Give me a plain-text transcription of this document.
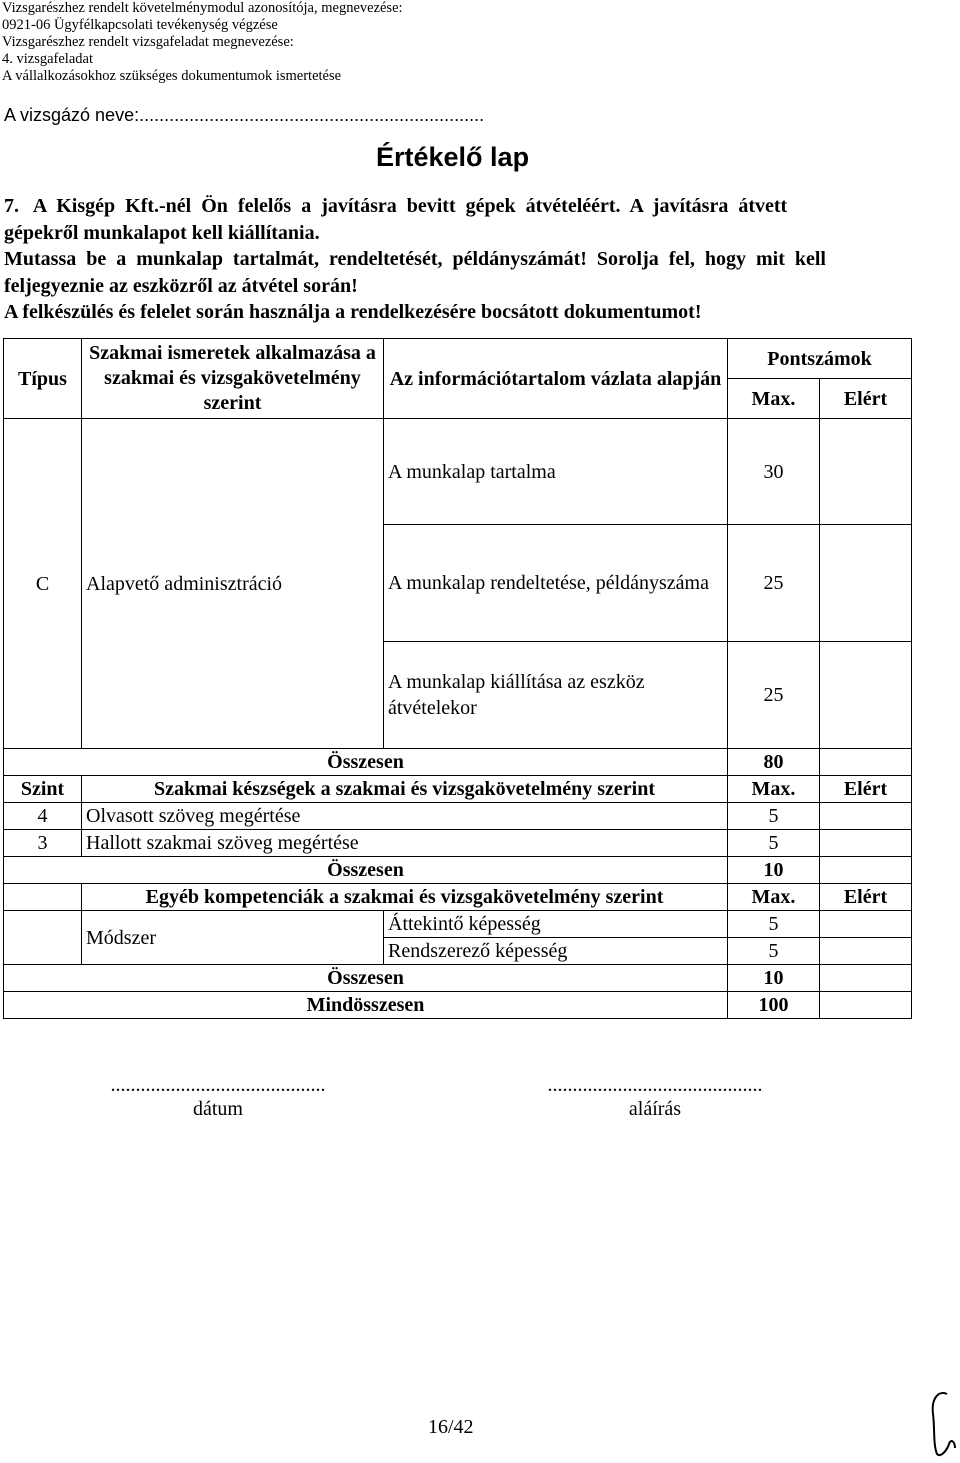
Vizsgarészhez rendelt követelménymodul azonosítója, megnevezése:
0921-06 Ügyfélkapcsolati tevékenység végzése
Vizsgarészhez rendelt vizsgafeladat megnevezése:
4. vizsgafeladat
A vállalkozásokhoz szükséges dokumentumok ismertetése
A vizsgázó neve:.....................................................................
Értékelő lap
7.   A  Kisgép  Kft.-nél  Ön  felelős  a  javításra  bevitt  gépek  átvételéért.  A  javításra  átvett
gépekről munkalapot kell kiállítania.
Mutassa  be  a  munkalap  tartalmát,  rendeltetését,  példányszámát!  Sorolja  fel,  hogy  mit  kell
feljegyeznie az eszközről az átvétel során!
A felkészülés és felelet során használja a rendelkezésére bocsátott dokumentumot!
Típus	Szakmai ismeretek alkalmazása a szakmai és vizsgakövetelmény szerint	Az információtartalom vázlata alapján	Pontszámok	
			Max.	Elért
C	Alapvető adminisztráció	A munkalap tartalma	30	
		A munkalap rendeltetése, példányszáma	25	
		A munkalap kiállítása az eszköz átvételekor	25	
Összesen			80	
Szint	Szakmai készségek a szakmai és vizsgakövetelmény szerint		Max.	Elért
4	Olvasott szöveg megértése		5	
3	Hallott szakmai szöveg megértése		5	
Összesen			10	
	Egyéb kompetenciák a szakmai és vizsgakövetelmény szerint		Max.	Elért
	Módszer	Áttekintő képesség	5	
		Rendszerező képesség	5	
Összesen			10	
Mindösszesen			100	
...........................................
dátum
...........................................
aláírás
16/42
